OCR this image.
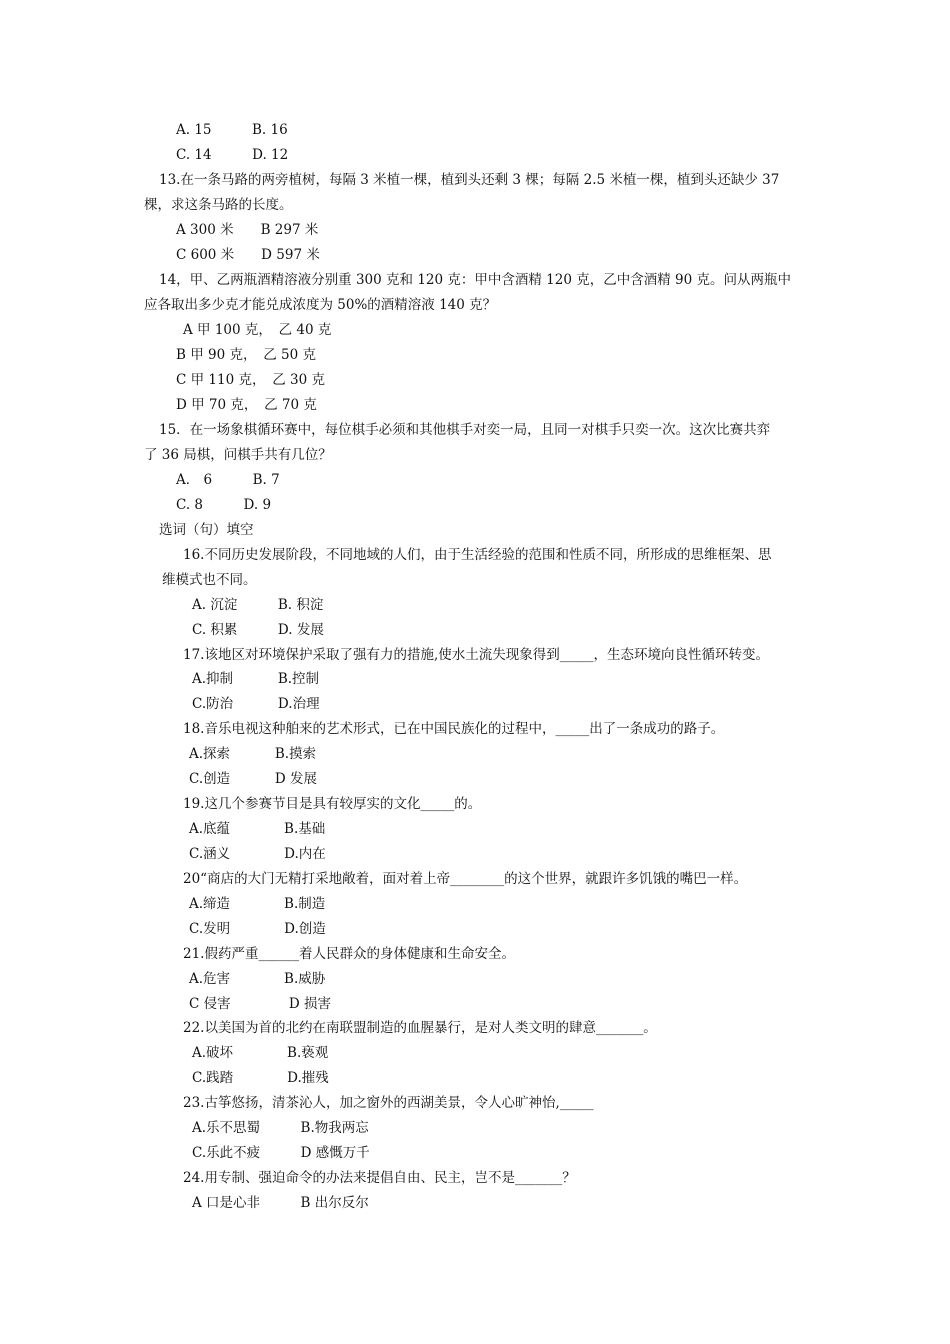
A. 15　　　B. 16
C. 14　　　D. 12
13.在一条马路的两旁植树，每隔 3 米植一棵，植到头还剩 3 棵；每隔 2.5 米植一棵，植到头还缺少 37
棵，求这条马路的长度。
A 300 米　　B 297 米
C 600 米　　D 597 米
14，甲、乙两瓶酒精溶液分别重 300 克和 120 克：甲中含酒精 120 克，乙中含酒精 90 克。问从两瓶中
应各取出多少克才能兑成浓度为 50%的酒精溶液 140 克？
A 甲 100 克，　乙 40 克
B 甲 90 克，　乙 50 克
C 甲 110 克，　乙 30 克
D 甲 70 克，　乙 70 克
15．在一场象棋循环赛中，每位棋手必须和其他棋手对奕一局，且同一对棋手只奕一次。这次比赛共弈
了 36 局棋，问棋手共有几位？
A． 6　　　B. 7
C. 8　　　D. 9
选词（句）填空
16.不同历史发展阶段，不同地域的人们，由于生活经验的范围和性质不同，所形成的思维框架、思
维模式也不同。
A. 沉淀　　　B. 积淀
C. 积累　　　D. 发展
17.该地区对环境保护采取了强有力的措施,使水土流失现象得到_____，生态环境向良性循环转变。
A.抑制　　　 B.控制
C.防治　　　 D.治理
18.音乐电视这种舶来的艺术形式，已在中国民族化的过程中，_____出了一条成功的路子。
A.探索　　　 B.摸索
C.创造　　　 D 发展
19.这几个参赛节目是具有较厚实的文化_____的。
A.底蕴　　　　B.基础
C.涵义　　　　D.内在
20“商店的大门无精打采地敞着，面对着上帝________的这个世界，就跟许多饥饿的嘴巴一样。
A.缔造　　　　B.制造
C.发明　　　　D.创造
21.假药严重______着人民群众的身体健康和生命安全。
A.危害　　　　B.威胁
C 侵害　　　　 D 损害
22.以美国为首的北约在南联盟制造的血腥暴行，是对人类文明的肆意_______。
A.破坏　　　　B.亵观
C.践踏　　　　D.摧残
23.古筝悠扬，清茶沁人，加之窗外的西湖美景，令人心旷神怡,_____
A.乐不思蜀　　　B.物我两忘
C.乐此不疲　　　D 感慨万千
24.用专制、强迫命令的办法来提倡自由、民主，岂不是_______？
A 口是心非　　　B 出尔反尔
